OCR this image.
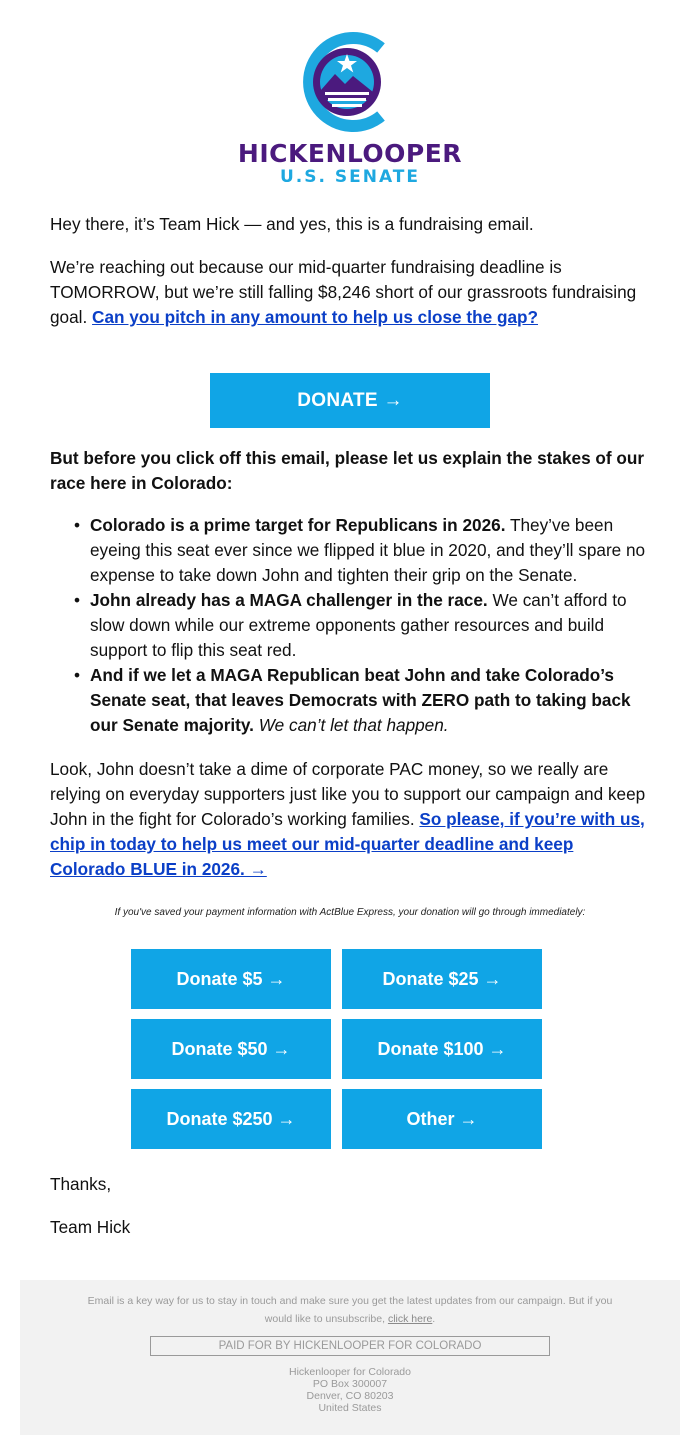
HICKENLOOPER
U.S. SENATE

Hey there, it’s Team Hick — and yes, this is a fundraising email.

We’re reaching out because our mid-quarter fundraising deadline is TOMORROW, but we’re still falling $8,246 short of our grassroots fundraising goal. Can you pitch in any amount to help us close the gap?

DONATE →
But before you click off this email, please let us explain the stakes of our race here in Colorado:
• Colorado is a prime target for Republicans in 2026. They’ve been eyeing this seat ever since we flipped it blue in 2020, and they’ll spare no expense to take down John and tighten their grip on the Senate.
• John already has a MAGA challenger in the race. We can’t afford to slow down while our extreme opponents gather resources and build support to flip this seat red.
• And if we let a MAGA Republican beat John and take Colorado’s Senate seat, that leaves Democrats with ZERO path to taking back our Senate majority. We can’t let that happen.

Look, John doesn’t take a dime of corporate PAC money, so we really are relying on everyday supporters just like you to support our campaign and keep John in the fight for Colorado’s working families. So please, if you’re with us, chip in today to help us meet our mid-quarter deadline and keep Colorado BLUE in 2026. →

If you've saved your payment information with ActBlue Express, your donation will go through immediately:
Donate $5 →	Donate $25 →
Donate $50 →	Donate $100 →
Donate $250 →	Other →
Thanks,
Team Hick
Email is a key way for us to stay in touch and make sure you get the latest updates from our campaign. But if you would like to unsubscribe, click here.
PAID FOR BY HICKENLOOPER FOR COLORADO
Hickenlooper for Colorado
PO Box 300007
Denver, CO 80203
United States
